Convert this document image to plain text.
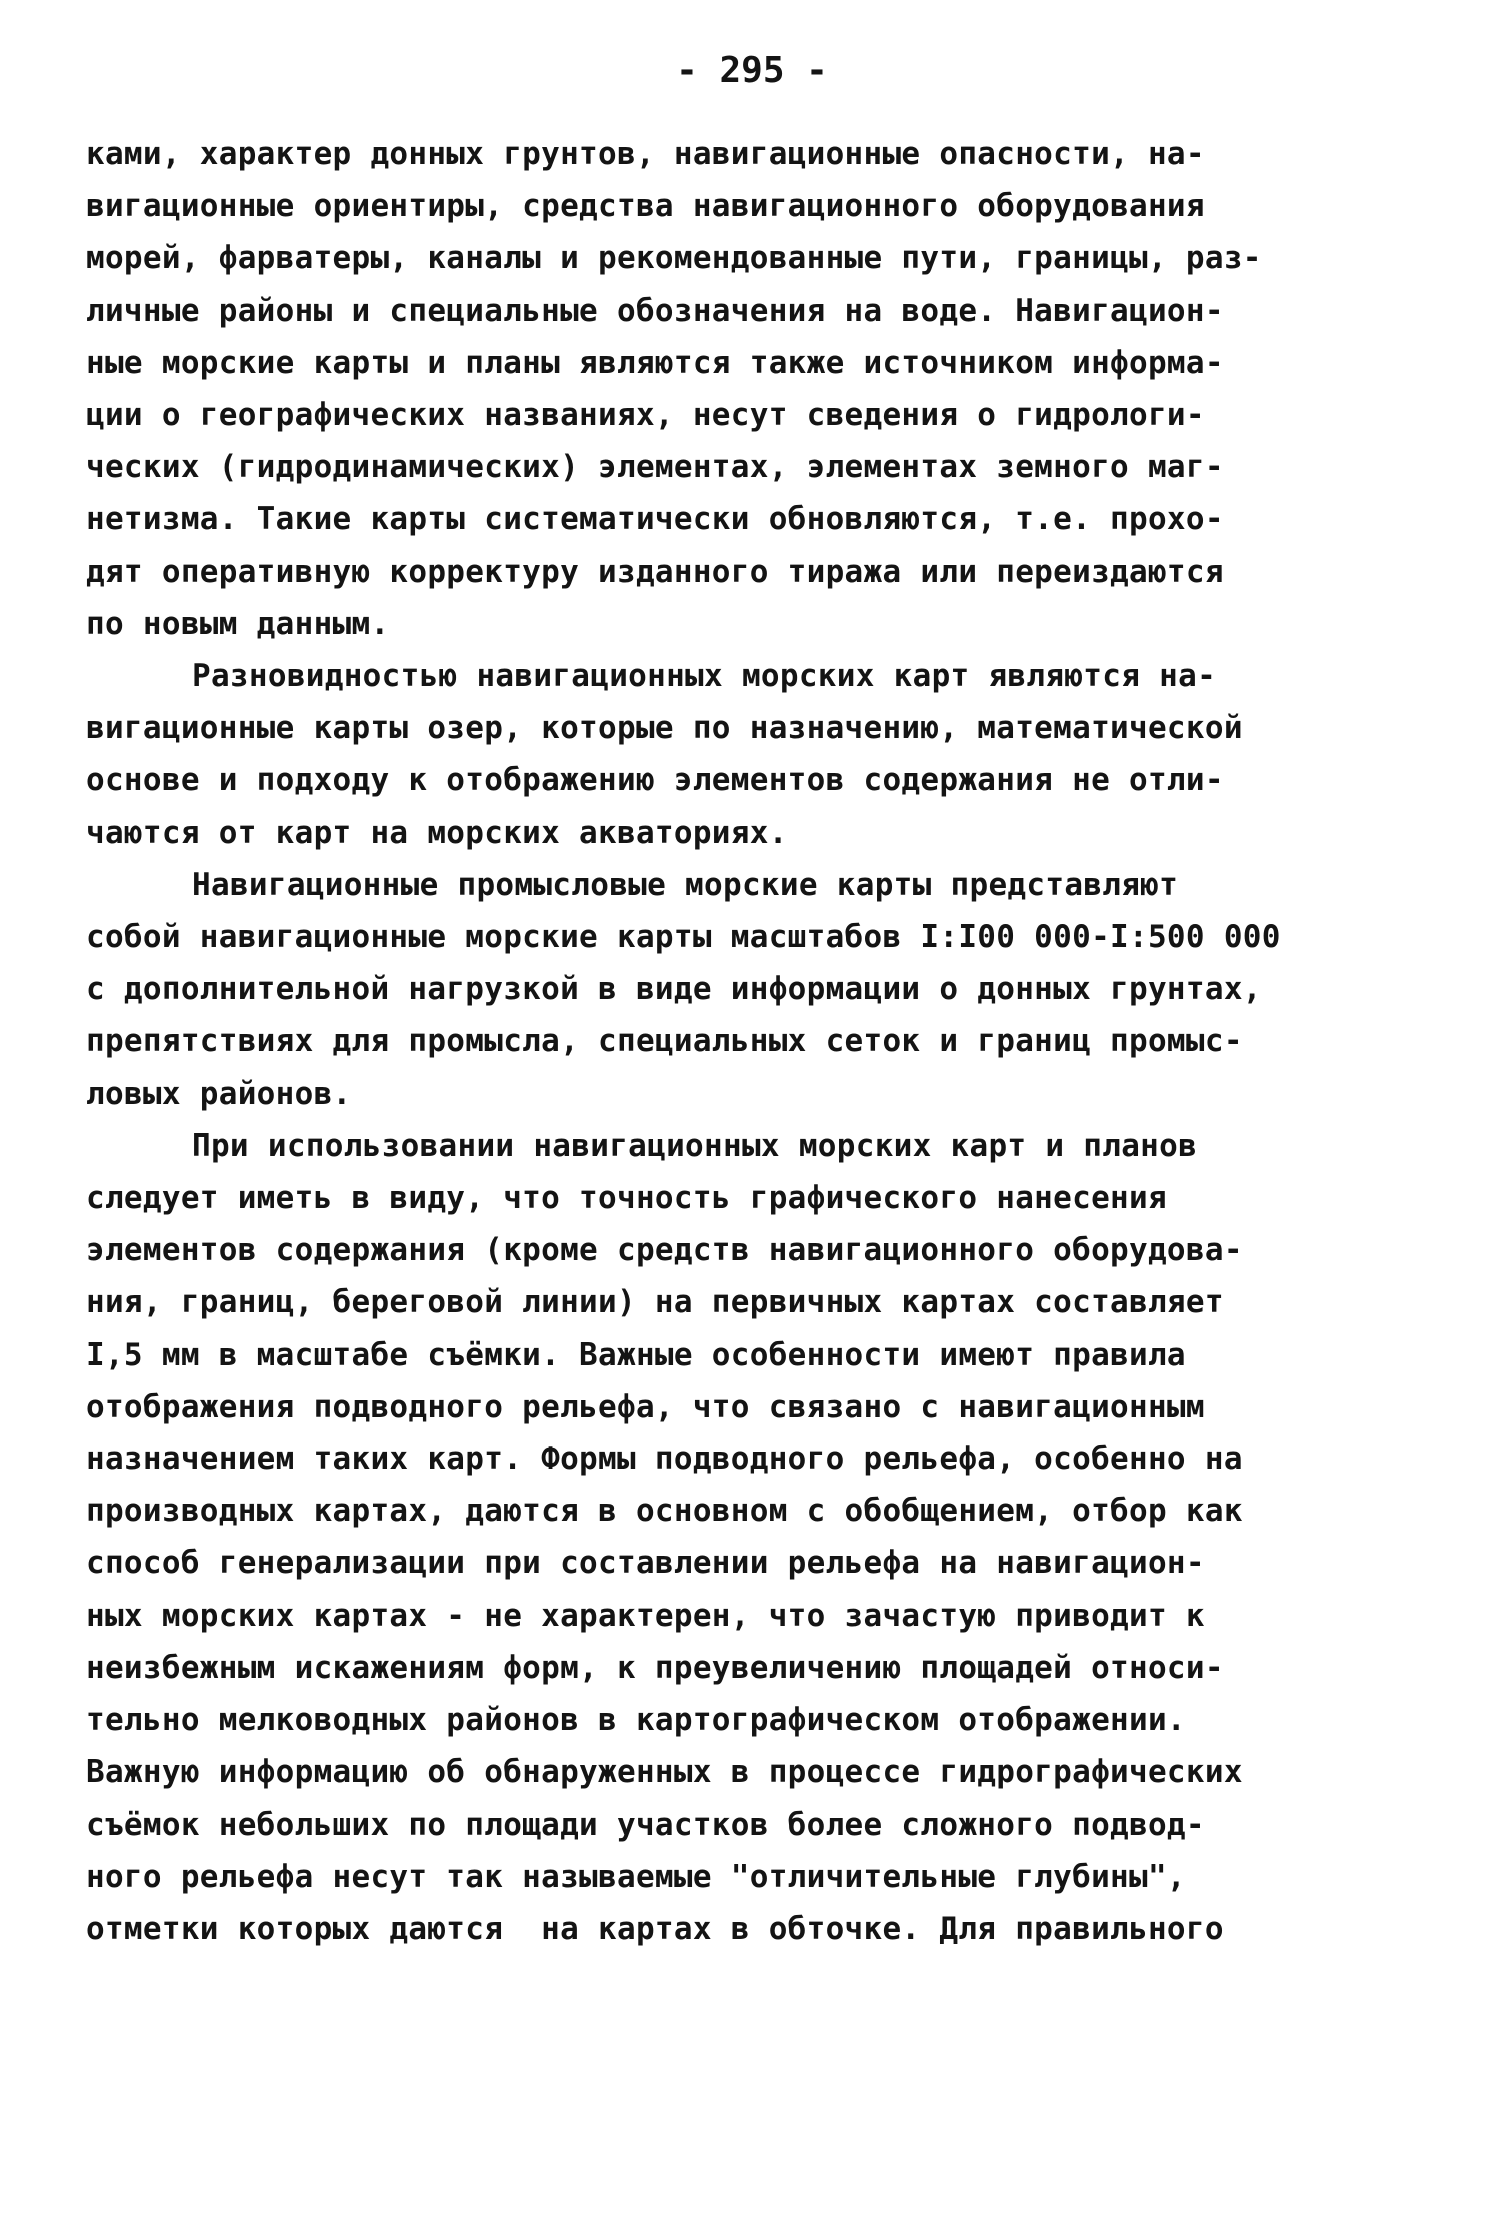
- 295 -
ками, характер донных грунтов, навигационные опасности, на-
вигационные ориентиры, средства навигационного оборудования
морей, фарватеры, каналы и рекомендованные пути, границы, раз-
личные районы и специальные обозначения на воде. Навигацион-
ные морские карты и планы являются также источником информа-
ции о географических названиях, несут сведения о гидрологи-
ческих (гидродинамических) элементах, элементах земного маг-
нетизма. Такие карты систематически обновляются, т.е. прохо-
дят оперативную корректуру изданного тиража или переиздаются
по новым данным.
Разновидностью навигационных морских карт являются на-
вигационные карты озер, которые по назначению, математической
основе и подходу к отображению элементов содержания не отли-
чаются от карт на морских акваториях.
Навигационные промысловые морские карты представляют
собой навигационные морские карты масштабов I:I00 000-I:500 000
с дополнительной нагрузкой в виде информации о донных грунтах,
препятствиях для промысла, специальных сеток и границ промыс-
ловых районов.
При использовании навигационных морских карт и планов
следует иметь в виду, что точность графического нанесения
элементов содержания (кроме средств навигационного оборудова-
ния, границ, береговой линии) на первичных картах составляет
I,5 мм в масштабе съёмки. Важные особенности имеют правила
отображения подводного рельефа, что связано с навигационным
назначением таких карт. Формы подводного рельефа, особенно на
производных картах, даются в основном с обобщением, отбор как
способ генерализации при составлении рельефа на навигацион-
ных морских картах - не характерен, что зачастую приводит к
неизбежным искажениям форм, к преувеличению площадей относи-
тельно мелководных районов в картографическом отображении.
Важную информацию об обнаруженных в процессе гидрографических
съёмок небольших по площади участков более сложного подвод-
ного рельефа несут так называемые "отличительные глубины",
отметки которых даются  на картах в обточке. Для правильного
